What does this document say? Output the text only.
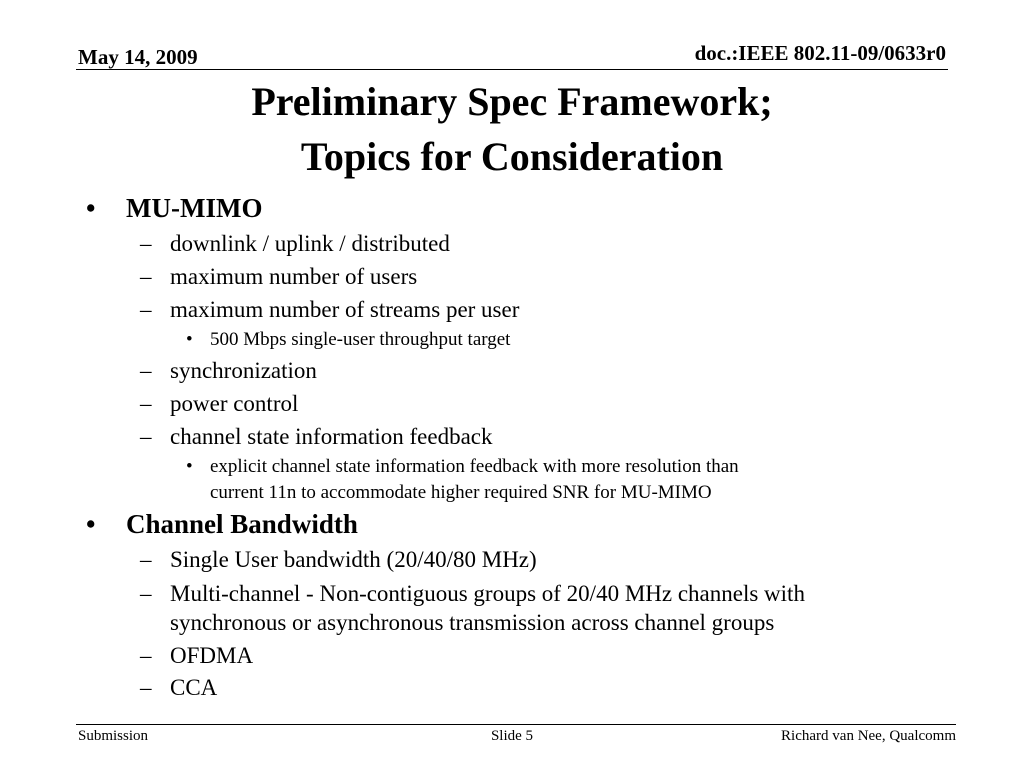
May 14, 2009	doc.:IEEE 802.11-09/0633r0

Preliminary Spec Framework;
Topics for Consideration

• MU-MIMO

– downlink / uplink / distributed

– maximum number of users

– maximum number of streams per user

• 500 Mbps single-user throughput target

– synchronization

– power control

– channel state information feedback

• explicit channel state information feedback with more resolution than

current 11n to accommodate higher required SNR for MU-MIMO

• Channel Bandwidth

– Single User bandwidth (20/40/80 MHz)

– Multi-channel - Non-contiguous groups of 20/40 MHz channels with

synchronous or asynchronous transmission across channel groups

– OFDMA

– CCA

Submission	Slide 5	Richard van Nee, Qualcomm
